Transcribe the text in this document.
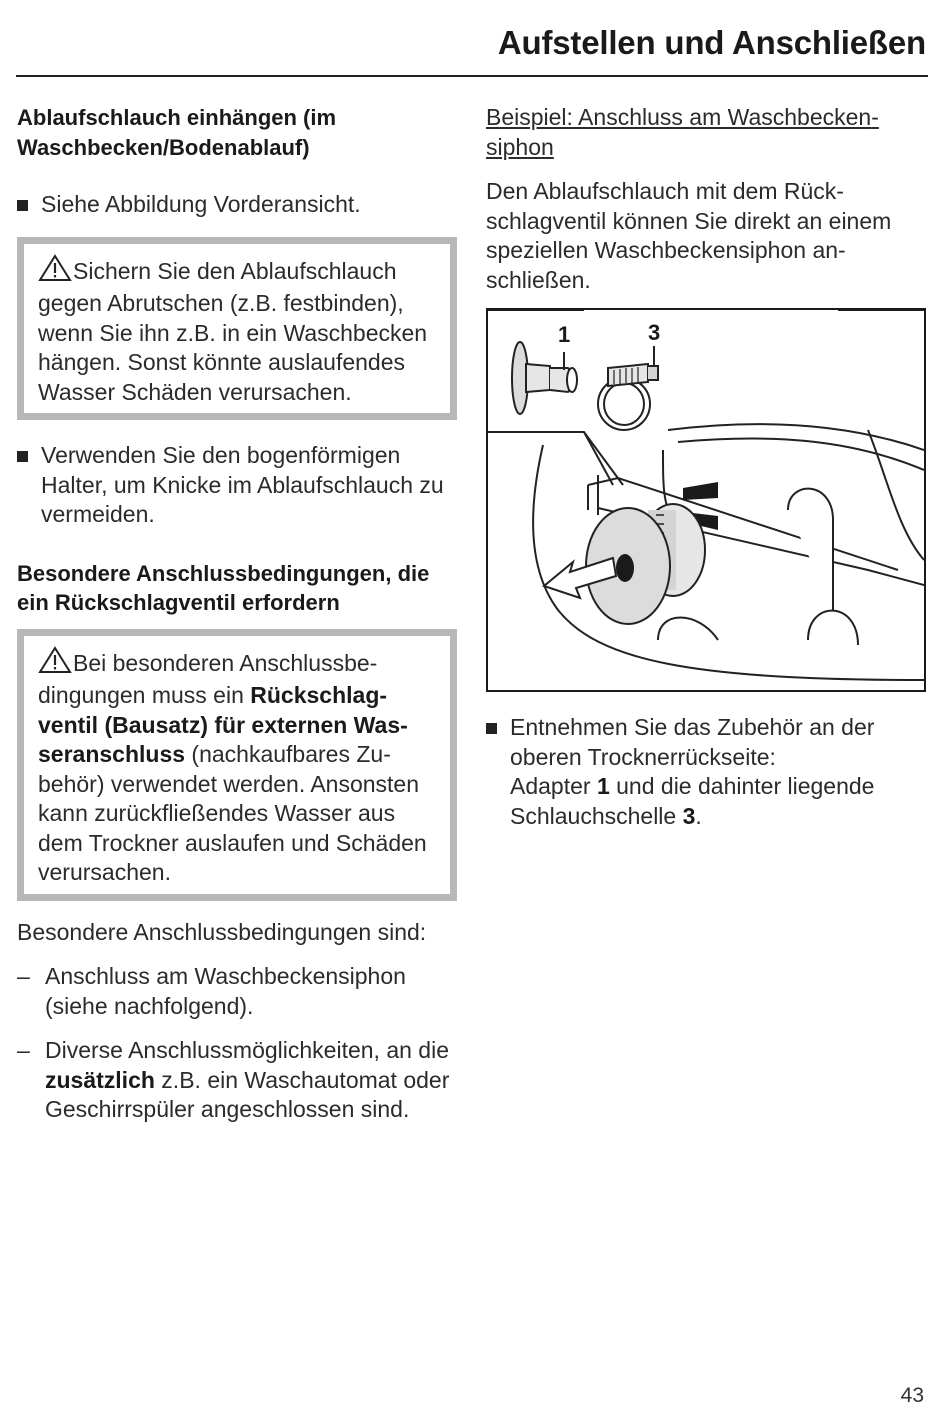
Aufstellen und Anschließen

Ablaufschlauch einhängen (im Waschbecken/Bodenablauf)

Siehe Abbildung Vorderansicht.

Sichern Sie den Ablaufschlauch gegen Abrutschen (z.B. festbinden), wenn Sie ihn z.B. in ein Waschbecken hängen. Sonst könnte auslaufendes Wasser Schäden verursachen.

Verwenden Sie den bogenförmigen Halter, um Knicke im Ablaufschlauch zu vermeiden.

Besondere Anschlussbedingungen, die ein Rückschlagventil erfordern

Bei besonderen Anschlussbedingungen muss ein Rückschlagventil (Bausatz) für externen Wasseranschluss (nachkaufbares Zubehör) verwendet werden. Ansonsten kann zurückfließendes Wasser aus dem Trockner auslaufen und Schäden verursachen.

Besondere Anschlussbedingungen sind:

– Anschluss am Waschbeckensiphon (siehe nachfolgend).

– Diverse Anschlussmöglichkeiten, an die zusätzlich z.B. ein Waschautomat oder Geschirrspüler angeschlossen sind.

Beispiel: Anschluss am Waschbeckensiphon

Den Ablaufschlauch mit dem Rückschlagventil können Sie direkt an einem speziellen Waschbeckensiphon anschließen.

1	3

Entnehmen Sie das Zubehör an der oberen Trocknerrückseite:
Adapter 1 und die dahinter liegende Schlauchschelle 3.

43
